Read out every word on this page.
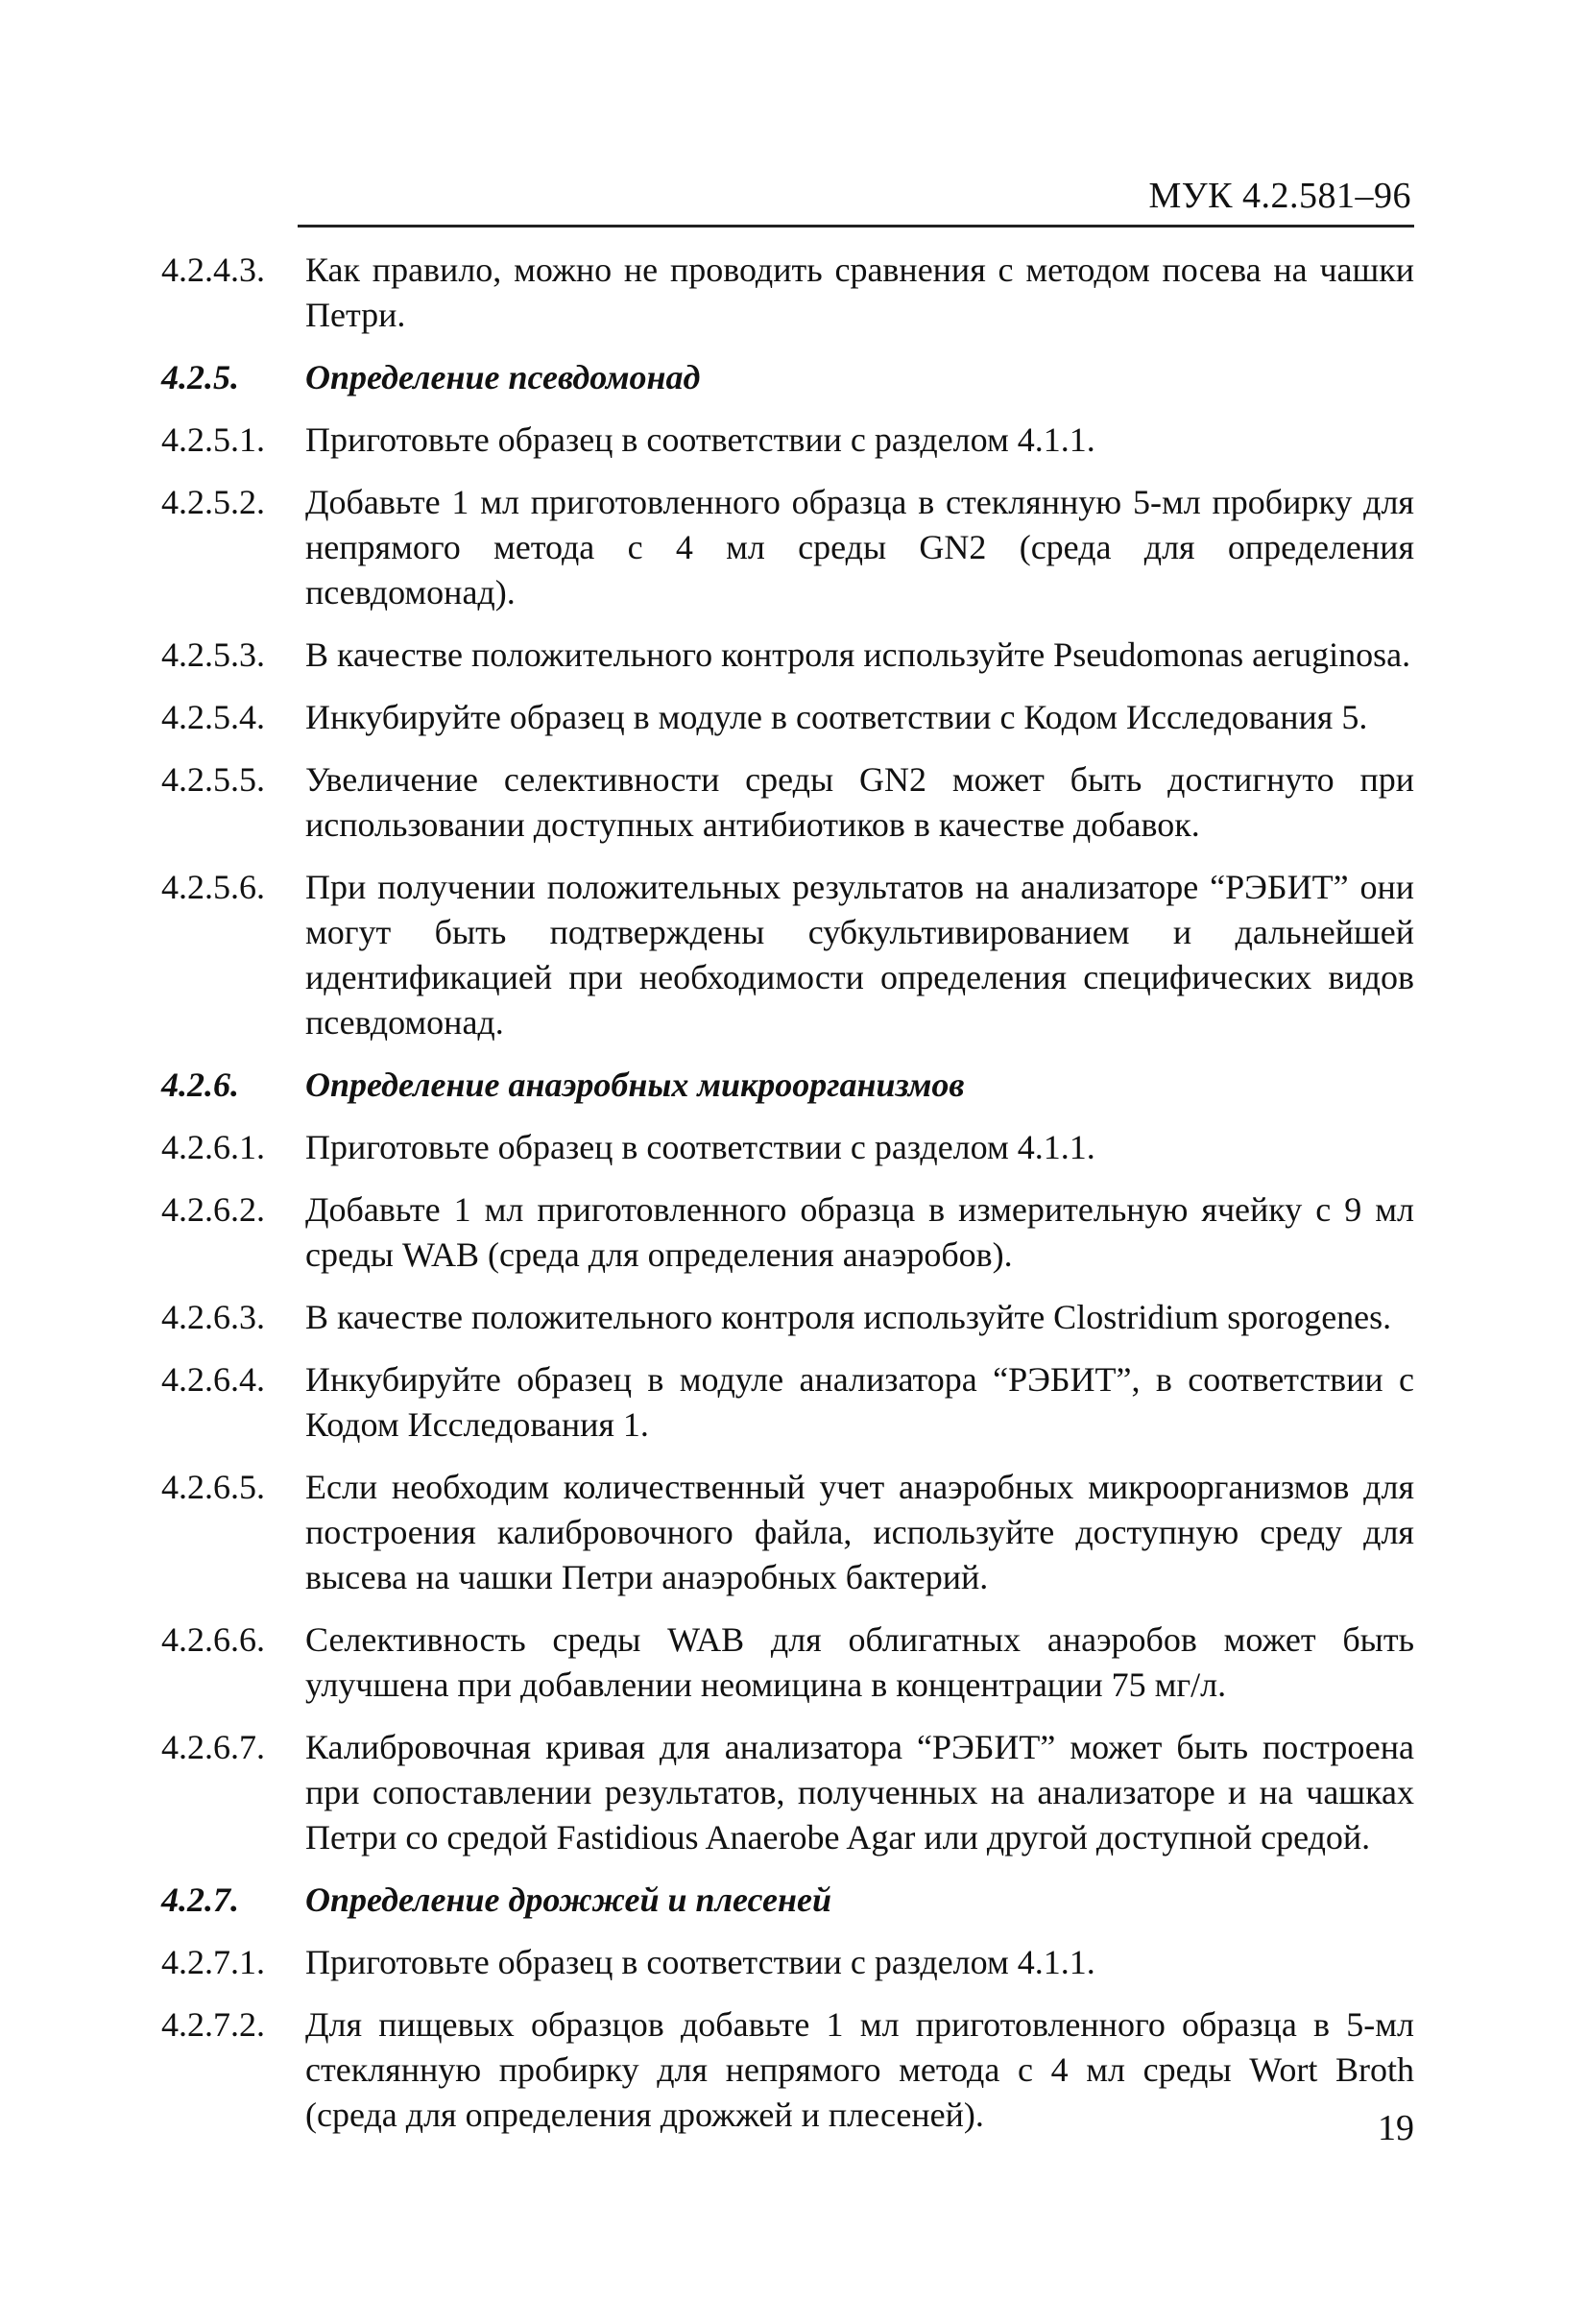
МУК 4.2.581–96
4.2.4.3.	Как правило, можно не проводить сравнения с методом посева на чашки Петри.
4.2.5.	Определение псевдомонад
4.2.5.1.	Приготовьте образец в соответствии с разделом 4.1.1.
4.2.5.2.	Добавьте 1 мл приготовленного образца в стеклянную 5-мл пробирку для непрямого метода с 4 мл среды GN2 (среда для определения псевдомонад).
4.2.5.3.	В качестве положительного контроля используйте Pseudomonas aeruginosa.
4.2.5.4.	Инкубируйте образец в модуле в соответствии с Кодом Исследования 5.
4.2.5.5.	Увеличение селективности среды GN2 может быть достигнуто при использовании доступных антибиотиков в качестве добавок.
4.2.5.6.	При получении положительных результатов на анализаторе “РЭБИТ” они могут быть подтверждены субкультивированием и дальнейшей идентификацией при необходимости определения специфических видов псевдомонад.
4.2.6.	Определение анаэробных микроорганизмов
4.2.6.1.	Приготовьте образец в соответствии с разделом 4.1.1.
4.2.6.2.	Добавьте 1 мл приготовленного образца в измерительную ячейку с 9 мл среды WAB (среда для определения анаэробов).
4.2.6.3.	В качестве положительного контроля используйте Clostridium sporogenes.
4.2.6.4.	Инкубируйте образец в модуле анализатора “РЭБИТ”, в соответствии с Кодом Исследования 1.
4.2.6.5.	Если необходим количественный учет анаэробных микроорганизмов для построения калибровочного файла, используйте доступную среду для высева на чашки Петри анаэробных бактерий.
4.2.6.6.	Селективность среды WAB для облигатных анаэробов может быть улучшена при добавлении неомицина в концентрации 75 мг/л.
4.2.6.7.	Калибровочная кривая для анализатора “РЭБИТ” может быть построена при сопоставлении результатов, полученных на анализаторе и на чашках Петри со средой Fastidious Anaerobe Agar или другой доступной средой.
4.2.7.	Определение дрожжей и плесеней
4.2.7.1.	Приготовьте образец в соответствии с разделом 4.1.1.
4.2.7.2.	Для пищевых образцов добавьте 1 мл приготовленного образца в 5-мл стеклянную пробирку для непрямого метода с 4 мл среды Wort Broth (среда для определения дрожжей и плесеней).	19
